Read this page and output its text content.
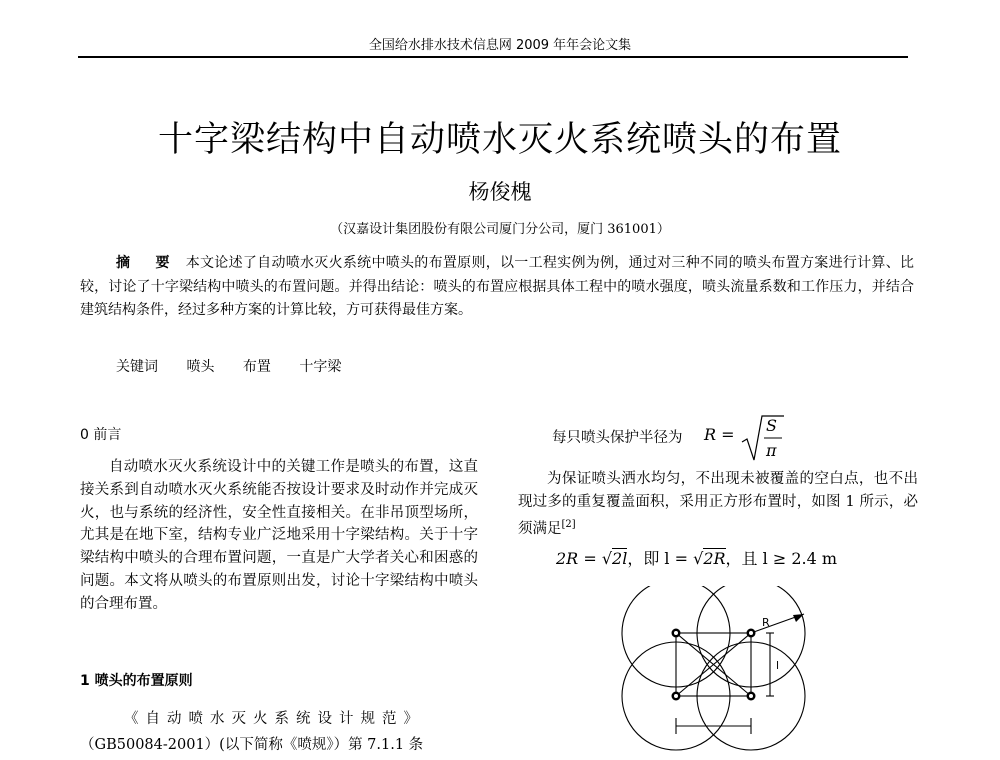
全国给水排水技术信息网 2009 年年会论文集
十字梁结构中自动喷水灭火系统喷头的布置
杨俊槐
（汉嘉设计集团股份有限公司厦门分公司，厦门 361001）
摘 要 本文论述了自动喷水灭火系统中喷头的布置原则，以一工程实例为例，通过对三种不同的喷头布置方案进行计算、比较，讨论了十字梁结构中喷头的布置问题。并得出结论：喷头的布置应根据具体工程中的喷水强度，喷头流量系数和工作压力，并结合建筑结构条件，经过多种方案的计算比较，方可获得最佳方案。
关键词 喷头 布置 十字梁
0 前言
自动喷水灭火系统设计中的关键工作是喷头的布置，这直接关系到自动喷水灭火系统能否按设计要求及时动作并完成灭火，也与系统的经济性，安全性直接相关。在非吊顶型场所，尤其是在地下室，结构专业广泛地采用十字梁结构。关于十字梁结构中喷头的合理布置问题，一直是广大学者关心和困惑的问题。本文将从喷头的布置原则出发，讨论十字梁结构中喷头的合理布置。
1 喷头的布置原则
《自动喷水灭火系统设计规范》
（GB50084-2001）(以下简称《喷规》）第 7.1.1 条
每只喷头保护半径为 R = S
π
为保证喷头洒水均匀，不出现未被覆盖的空白点，也不出现过多的重复覆盖面积，采用正方形布置时，如图 1 所示，必须满足[2]
2R = √2l，即 l = √2R，且 l ≥ 2.4 m
R
l
